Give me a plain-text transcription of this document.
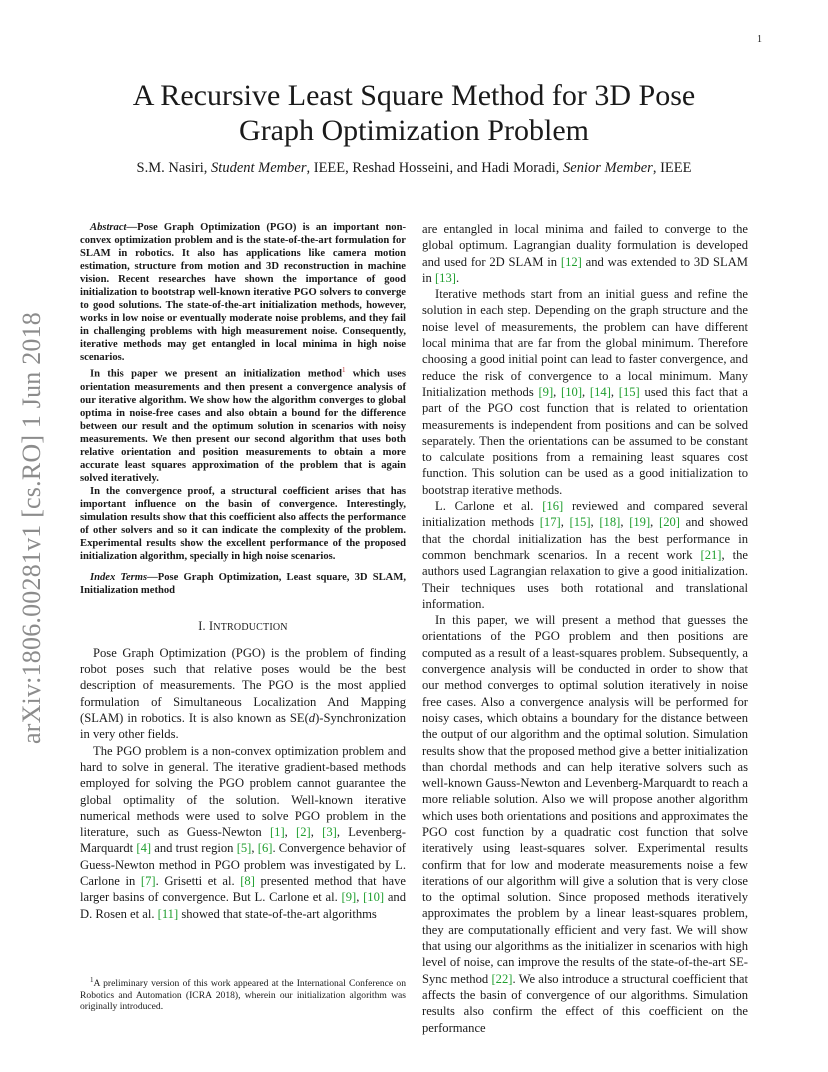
1
arXiv:1806.00281v1 [cs.RO] 1 Jun 2018
A Recursive Least Square Method for 3D Pose
Graph Optimization Problem
S.M. Nasiri, Student Member, IEEE, Reshad Hosseini, and Hadi Moradi, Senior Member, IEEE

Abstract—Pose Graph Optimization (PGO) is an important non-convex optimization problem and is the state-of-the-art formulation for SLAM in robotics. It also has applications like camera motion estimation, structure from motion and 3D reconstruction in machine vision. Recent researches have shown the importance of good initialization to bootstrap well-known iterative PGO solvers to converge to good solutions. The state-of-the-art initialization methods, however, works in low noise or eventually moderate noise problems, and they fail in challenging problems with high measurement noise. Consequently, iterative methods may get entangled in local minima in high noise scenarios.

In this paper we present an initialization method$^1$ which uses orientation measurements and then present a convergence analysis of our iterative algorithm. We show how the algorithm converges to global optima in noise-free cases and also obtain a bound for the difference between our result and the optimum solution in scenarios with noisy measurements. We then present our second algorithm that uses both relative orientation and position measurements to obtain a more accurate least squares approximation of the problem that is again solved iteratively.

In the convergence proof, a structural coefficient arises that has important influence on the basin of convergence. Interestingly, simulation results show that this coefficient also affects the performance of other solvers and so it can indicate the complexity of the problem. Experimental results show the excellent performance of the proposed initialization algorithm, specially in high noise scenarios.

Index Terms—Pose Graph Optimization, Least square, 3D SLAM, Initialization method
I. INTRODUCTION

Pose Graph Optimization (PGO) is the problem of finding robot poses such that relative poses would be the best description of measurements. The PGO is the most applied formulation of Simultaneous Localization And Mapping (SLAM) in robotics. It is also known as SE(d)-Synchronization in very other fields.

The PGO problem is a non-convex optimization problem and hard to solve in general. The iterative gradient-based methods employed for solving the PGO problem cannot guarantee the global optimality of the solution. Well-known iterative numerical methods were used to solve PGO problem in the literature, such as Guess-Newton [1], [2], [3], Levenberg-Marquardt [4] and trust region [5], [6]. Convergence behavior of Guess-Newton method in PGO problem was investigated by L. Carlone in [7]. Grisetti et al. [8] presented method that have larger basins of convergence. But L. Carlone et al. [9], [10] and D. Rosen et al. [11] showed that state-of-the-art algorithms

$^1$A preliminary version of this work appeared at the International Conference on Robotics and Automation (ICRA 2018), wherein our initialization algorithm was originally introduced.

are entangled in local minima and failed to converge to the global optimum. Lagrangian duality formulation is developed and used for 2D SLAM in [12] and was extended to 3D SLAM in [13].

Iterative methods start from an initial guess and refine the solution in each step. Depending on the graph structure and the noise level of measurements, the problem can have different local minima that are far from the global minimum. Therefore choosing a good initial point can lead to faster convergence, and reduce the risk of convergence to a local minimum. Many Initialization methods [9], [10], [14], [15] used this fact that a part of the PGO cost function that is related to orientation measurements is independent from positions and can be solved separately. Then the orientations can be assumed to be constant to calculate positions from a remaining least squares cost function. This solution can be used as a good initialization to bootstrap iterative methods.

L. Carlone et al. [16] reviewed and compared several initialization methods [17], [15], [18], [19], [20] and showed that the chordal initialization has the best performance in common benchmark scenarios. In a recent work [21], the authors used Lagrangian relaxation to give a good initialization. Their techniques uses both rotational and translational information.

In this paper, we will present a method that guesses the orientations of the PGO problem and then positions are computed as a result of a least-squares problem. Subsequently, a convergence analysis will be conducted in order to show that our method converges to optimal solution iteratively in noise free cases. Also a convergence analysis will be performed for noisy cases, which obtains a boundary for the distance between the output of our algorithm and the optimal solution. Simulation results show that the proposed method give a better initialization than chordal methods and can help iterative solvers such as well-known Gauss-Newton and Levenberg-Marquardt to reach a more reliable solution. Also we will propose another algorithm which uses both orientations and positions and approximates the PGO cost function by a quadratic cost function that solve iteratively using least-squares solver. Experimental results confirm that for low and moderate measurements noise a few iterations of our algorithm will give a solution that is very close to the optimal solution. Since proposed methods iteratively approximates the problem by a linear least-squares problem, they are computationally efficient and very fast. We will show that using our algorithms as the initializer in scenarios with high level of noise, can improve the results of the state-of-the-art SE-Sync method [22]. We also introduce a structural coefficient that affects the basin of convergence of our algorithms. Simulation results also confirm the effect of this coefficient on the performance
